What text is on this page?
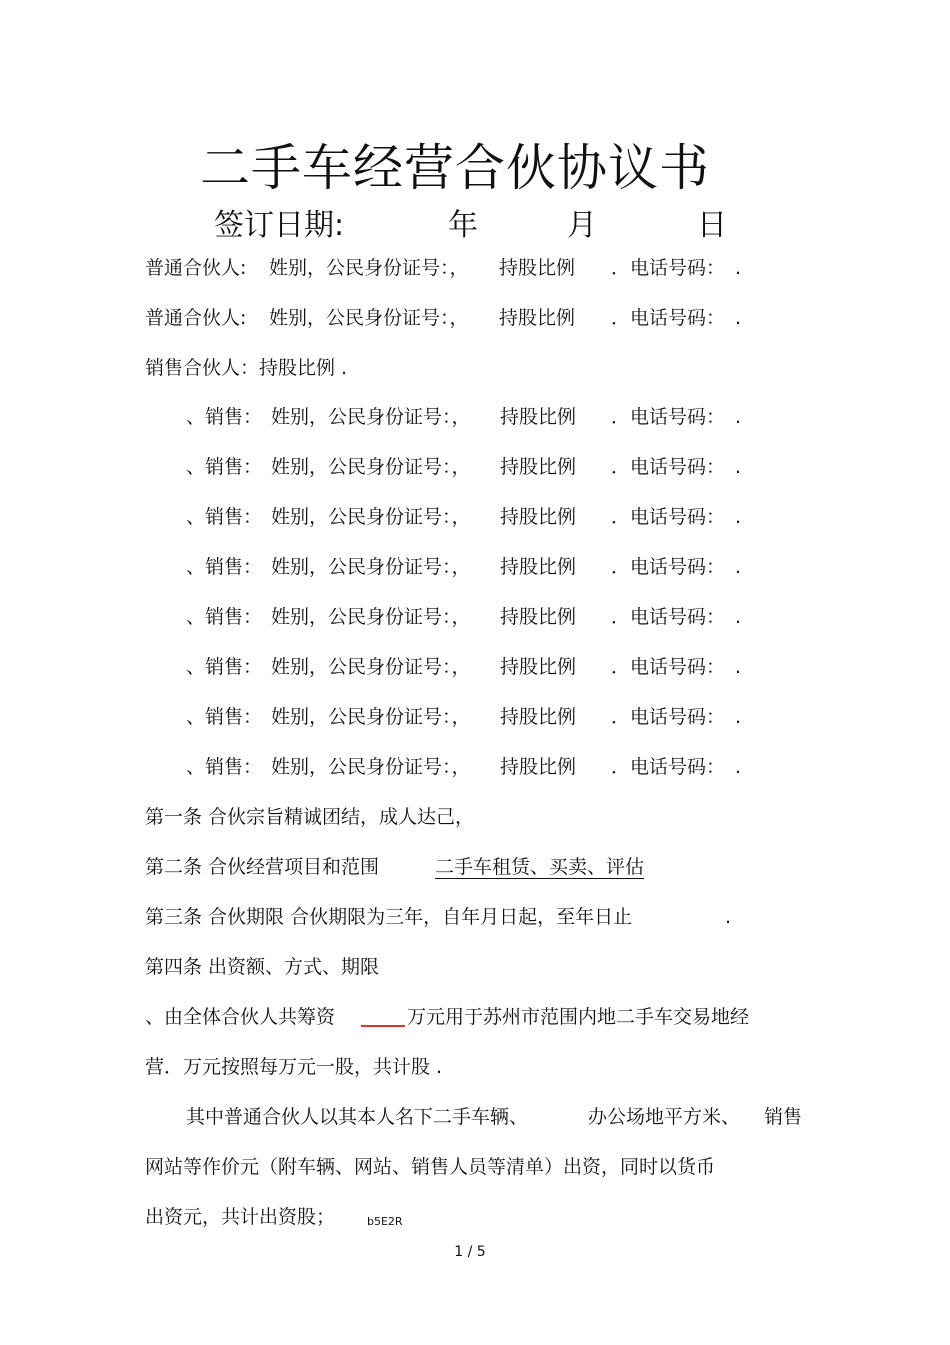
二手车经营合伙协议书
签订日期:	年	月	日
普通合伙人: 姓别，公民身份证号：， 持股比例 ．电话号码： .
普通合伙人: 姓别，公民身份证号：， 持股比例 ．电话号码： .
销售合伙人：持股比例 .
、销售： 姓别，公民身份证号：， 持股比例 ．电话号码： .
、销售： 姓别，公民身份证号：， 持股比例 ．电话号码： .
、销售： 姓别，公民身份证号：， 持股比例 ．电话号码： .
、销售： 姓别，公民身份证号：， 持股比例 ．电话号码： .
、销售： 姓别，公民身份证号：， 持股比例 ．电话号码： .
、销售： 姓别，公民身份证号：， 持股比例 ．电话号码： .
、销售： 姓别，公民身份证号：， 持股比例 ．电话号码： .
、销售： 姓别，公民身份证号：， 持股比例 ．电话号码： .
第一条 合伙宗旨精诚团结，成人达己，
第二条 合伙经营项目和范围	二手车租赁、买卖、评估
第三条 合伙期限 合伙期限为三年，自年月日起，至年日止	.
第四条 出资额、方式、期限
、由全体合伙人共筹资	万元用于苏州市范围内地二手车交易地经
营．万元按照每万元一股，共计股 .
其中普通合伙人以其本人名下二手车辆、	办公场地平方米、 销售
网站等作价元（附车辆、网站、销售人员等清单）出资，同时以货币
出资元，共计出资股；	b5E2R
1 / 5
